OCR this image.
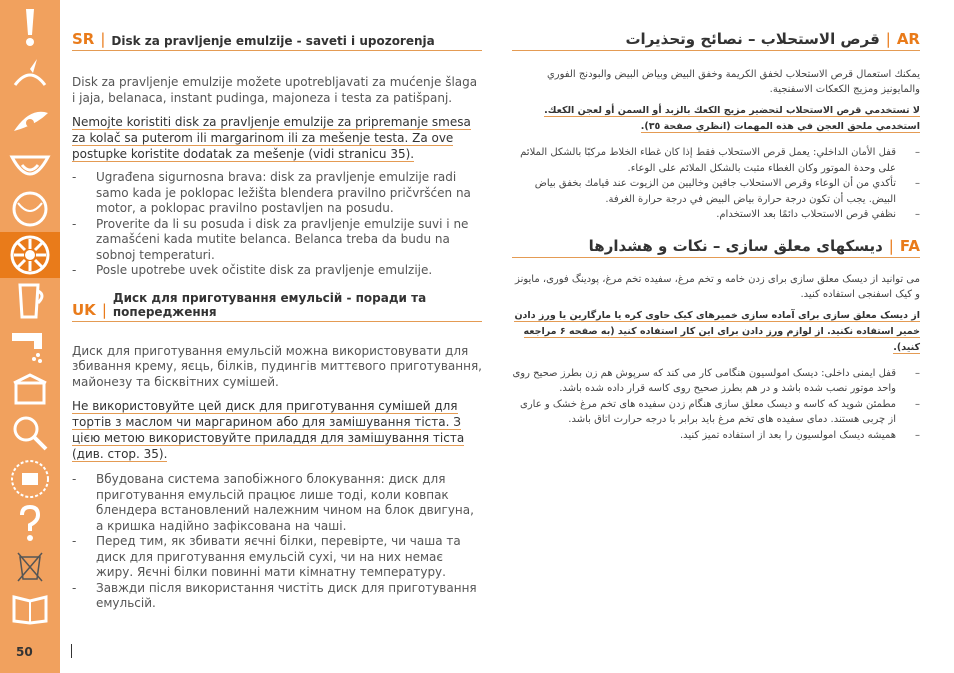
50
SR | Disk za pravljenje emulzije - saveti i upozorenja

Disk za pravljenje emulzije možete upotrebljavati za mućenje šlaga i jaja, belanaca, instant pudinga, majoneza i testa za patišpanj.

Nemojte koristiti disk za pravljenje emulzije za pripremanje smesa za kolač sa puterom ili margarinom ili za mešenje testa. Za ove postupke koristite dodatak za mešenje (vidi stranicu 35).

- Ugrađena sigurnosna brava: disk za pravljenje emulzije radi samo kada je poklopac ležišta blendera pravilno pričvršćen na motor, a poklopac pravilno postavljen na posudu.
- Proverite da li su posuda i disk za pravljenje emulzije suvi i ne zamašćeni kada mutite belanca. Belanca treba da budu na sobnoj temperaturi.
- Posle upotrebe uvek očistite disk za pravljenje emulzije.
UK |
Диск для приготування емульсій - поради та попередження

Диск для приготування емульсій можна використовувати для збивання крему, яєць, білків, пудингів миттєвого приготування, майонезу та бісквітних сумішей.

Не використовуйте цей диск для приготування сумішей для тортів з маслом чи маргарином або для замішування тіста. З цією метою використовуйте приладдя для замішування тіста (див. стор. 35).

- Вбудована система запобіжного блокування: диск для приготування емульсій працює лише тоді, коли ковпак блендера встановлений належним чином на блок двигуна, а кришка надійно зафіксована на чаші.
- Перед тим, як збивати яєчні білки, перевірте, чи чаша та диск для приготування емульсій сухі, чи на них немає жиру. Яєчні білки повинні мати кімнатну температуру.
- Завжди після використання чистіть диск для приготування емульсій.
AR
|
قرص الاستحلاب – نصائح وتحذيرات

يمكنك استعمال قرص الاستحلاب لخفق الكريمة وخفق البيض وبياض البيض والبودنج الفوري والمايونيز ومزيج الكعكات الاسفنجية.

لا تستخدمي قرص الاستحلاب لتحضير مزيج الكعك بالزبد أو السمن أو لعجن الكعك. استخدمي ملحق العجن في هذه المهمات (انظري صفحة ٣٥).

– قفل الأمان الداخلي: يعمل قرص الاستحلاب فقط إذا كان غطاء الخلاط مركبًا بالشكل الملائم على وحدة الموتور وكان الغطاء مثبت بالشكل الملائم على الوعاء.
– تأكدي من أن الوعاء وقرص الاستحلاب جافين وخاليين من الزيوت عند قيامك بخفق بياض البيض. يجب أن تكون درجة حرارة بياض البيض في درجة حرارة الغرفة.
– نظفي قرص الاستحلاب دائمًا بعد الاستخدام.
FA
|
دیسکهای معلق سازی – نکات و هشدارها

می توانید از دیسک معلق سازی برای زدن خامه و تخم مرغ، سفیده تخم مرغ، پودینگ فوری، مایونز و کیک اسفنجی استفاده کنید.

از دیسک معلق سازی برای آماده سازی خمیرهای کیک حاوی کره یا مارگارین یا ورز دادن خمیر استفاده نکنید. از لوازم ورز دادن برای این کار استفاده کنید (به صفحه ۶ مراجعه کنید).

– قفل ایمنی داخلی: دیسک امولسیون هنگامی کار می کند که سرپوش هم زن بطرز صحیح روی واحد موتور نصب شده باشد و در هم بطرز صحیح روی کاسه قرار داده شده باشد.
– مطمئن شوید که کاسه و دیسک معلق سازی هنگام زدن سفیده های تخم مرغ خشک و عاری از چربی هستند. دمای سفیده های تخم مرغ باید برابر با درجه حرارت اتاق باشد.
– همیشه دیسک امولسیون را بعد از استفاده تمیز کنید.
